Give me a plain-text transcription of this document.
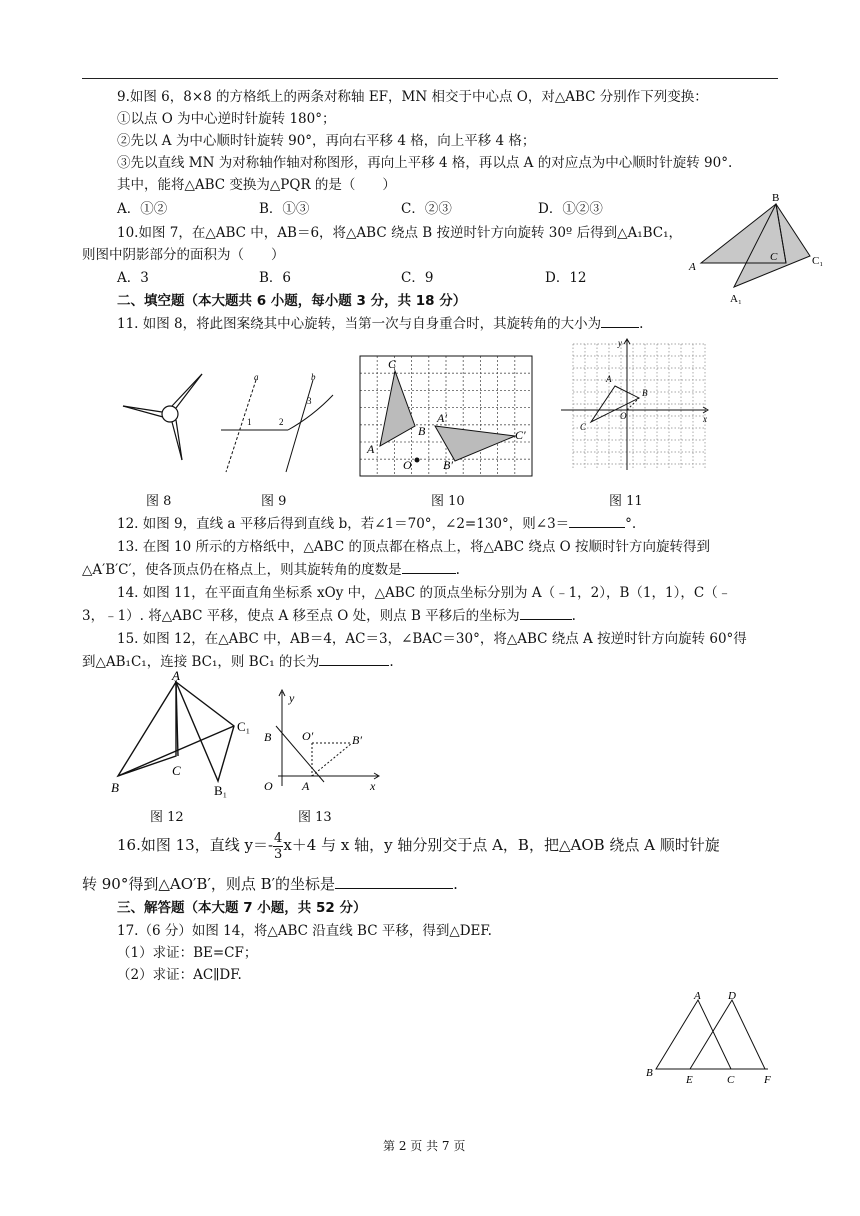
9.如图 6，8×8 的方格纸上的两条对称轴 EF，MN 相交于中心点 O，对△ABC 分别作下列变换：
①以点 O 为中心逆时针旋转 180°；
②先以 A 为中心顺时针旋转 90°，再向右平移 4 格，向上平移 4 格；
③先以直线 MN 为对称轴作轴对称图形，再向上平移 4 格，再以点 A 的对应点为中心顺时针旋转 90°.
其中，能将△ABC 变换为△PQR 的是（　　）
A．①②	B．①③	C．②③	D．①②③
B
A
C	C₁
A₁
10.如图 7，在△ABC 中，AB＝6，将△ABC 绕点 B 按逆时针方向旋转 30º 后得到△A₁BC₁，
则图中阴影部分的面积为（　　）
A．3	B．6	C．9	D．12
二、填空题（本大题共 6 小题，每小题 3 分，共 18 分）
11. 如图 8，将此图案绕其中心旋转，当第一次与自身重合时，其旋转角的大小为	.
a	b
1	2
3
C
A
B
A′
C′
B′
O
y
x
A
B
C
O
图 8	图 9	图 10	图 11
12. 如图 9，直线 a 平移后得到直线 b，若∠1＝70°，∠2=130°，则∠3＝	°.
13. 在图 10 所示的方格纸中，△ABC 的顶点都在格点上，将△ABC 绕点 O 按顺时针方向旋转得到
△A′B′C′，使各顶点仍在格点上，则其旋转角的度数是	.
14. 如图 11，在平面直角坐标系 xOy 中，△ABC 的顶点坐标分别为 A（﹣1，2），B（1，1），C（﹣
3，﹣1）. 将△ABC 平移，使点 A 移至点 O 处，则点 B 平移后的坐标为	.
15. 如图 12，在△ABC 中，AB＝4，AC＝3，∠BAC＝30°，将△ABC 绕点 A 按逆时针方向旋转 60°得
到△AB₁C₁，连接 BC₁，则 BC₁ 的长为	.
A
C₁
B
C
B₁
y
B	O′	B′
O A	x
图 12	图 13
16.如图 13，直线 $y=- \frac{4}{3} x+4$ 与 x 轴，y 轴分别交于点 A，B，把△AOB 绕点 A 顺时针旋
转 90°得到△AO′B′，则点 B′的坐标是	.
三、解答题（本大题 7 小题，共 52 分）
17.（6 分）如图 14，将△ABC 沿直线 BC 平移，得到△DEF.
（1）求证：BE=CF；
（2）求证：AC∥DF.
A D
B
E	C	F
第 2 页 共 7 页
